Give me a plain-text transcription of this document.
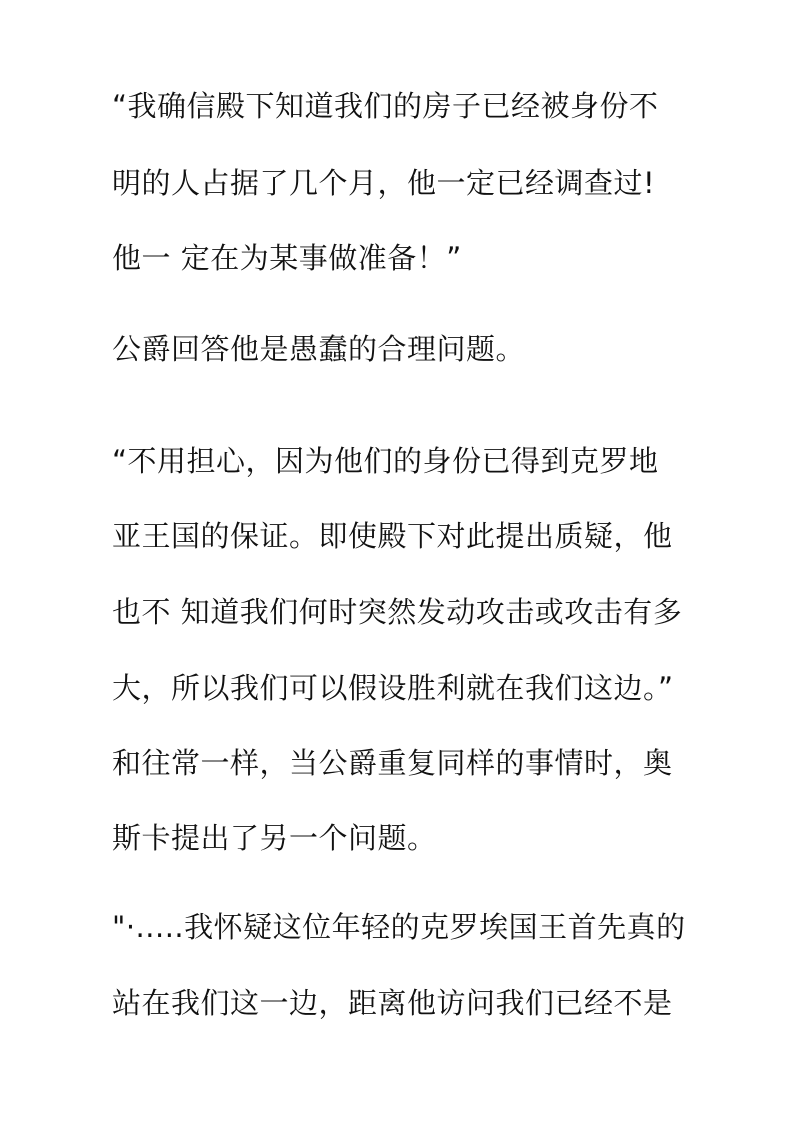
“我确信殿下知道我们的房子已经被身份不

明的人占据了几个月，他一定已经调查过!

他一 定在为某事做准备！”

公爵回答他是愚蠢的合理问题。

“不用担心，因为他们的身份已得到克罗地

亚王国的保证。即使殿下对此提出质疑，他

也不 知道我们何时突然发动攻击或攻击有多

大，所以我们可以假设胜利就在我们这边。”

和往常一样，当公爵重复同样的事情时，奥

斯卡提出了另一个问题。

"·.....我怀疑这位年轻的克罗埃国王首先真的

站在我们这一边，距离他访问我们已经不是
